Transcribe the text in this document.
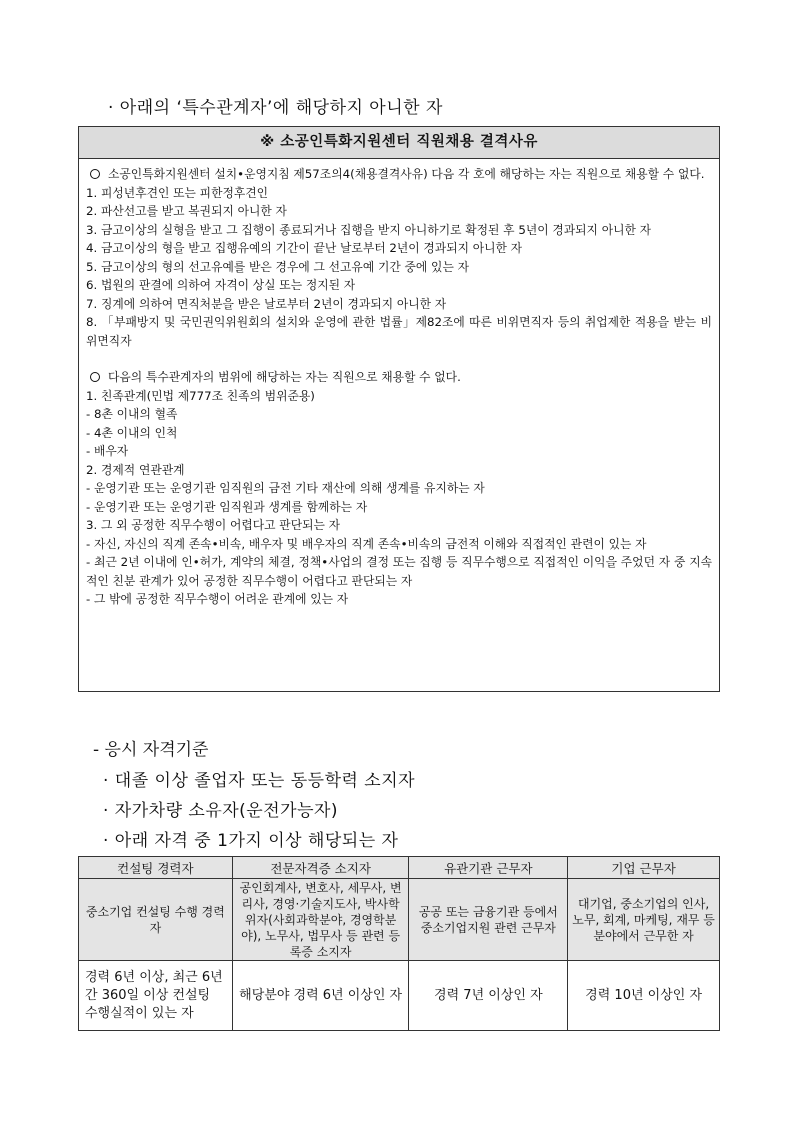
· 아래의 ‘특수관계자’에 해당하지 아니한 자
※ 소공인특화지원센터 직원채용 결격사유
소공인특화지원센터 설치•운영지침 제57조의4(채용결격사유) 다음 각 호에 해당하는 자는 직원으로 채용할 수 없다.
1. 피성년후견인 또는 피한정후견인
2. 파산선고를 받고 복권되지 아니한 자
3. 금고이상의 실형을 받고 그 집행이 종료되거나 집행을 받지 아니하기로 확정된 후 5년이 경과되지 아니한 자
4. 금고이상의 형을 받고 집행유예의 기간이 끝난 날로부터 2년이 경과되지 아니한 자
5. 금고이상의 형의 선고유예를 받은 경우에 그 선고유예 기간 중에 있는 자
6. 법원의 판결에 의하여 자격이 상실 또는 정지된 자
7. 징계에 의하여 면직처분을 받은 날로부터 2년이 경과되지 아니한 자
8. 「부패방지 및 국민권익위원회의 설치와 운영에 관한 법률」제82조에 따른 비위면직자 등의 취업제한 적용을 받는 비위면직자
다음의 특수관계자의 범위에 해당하는 자는 직원으로 채용할 수 없다.
1. 친족관계(민법 제777조 친족의 범위준용)
- 8촌 이내의 혈족
- 4촌 이내의 인척
- 배우자
2. 경제적 연관관계
- 운영기관 또는 운영기관 임직원의 금전 기타 재산에 의해 생계를 유지하는 자
- 운영기관 또는 운영기관 임직원과 생계를 함께하는 자
3. 그 외 공정한 직무수행이 어렵다고 판단되는 자
- 자신, 자신의 직계 존속•비속, 배우자 및 배우자의 직계 존속•비속의 금전적 이해와 직접적인 관련이 있는 자
- 최근 2년 이내에 인•허가, 계약의 체결, 정책•사업의 결정 또는 집행 등 직무수행으로 직접적인 이익을 주었던 자 중 지속적인 친분 관계가 있어 공정한 직무수행이 어렵다고 판단되는 자
- 그 밖에 공정한 직무수행이 어려운 관계에 있는 자
- 응시 자격기준
· 대졸 이상 졸업자 또는 동등학력 소지자
· 자가차량 소유자(운전가능자)
· 아래 자격 중 1가지 이상 해당되는 자
컨설팅 경력자	전문자격증 소지자	유관기관 근무자	기업 근무자
중소기업 컨설팅 수행 경력자	공인회계사, 변호사, 세무사, 변리사, 경영·기술지도사, 박사학위자(사회과학분야, 경영학분야), 노무사, 법무사 등 관련 등록증 소지자	공공 또는 금융기관 등에서 중소기업지원 관련 근무자	대기업, 중소기업의 인사, 노무, 회계, 마케팅, 재무 등 분야에서 근무한 자
경력 6년 이상, 최근 6년간 360일 이상 컨설팅 수행실적이 있는 자	해당분야 경력 6년 이상인 자	경력 7년 이상인 자	경력 10년 이상인 자
